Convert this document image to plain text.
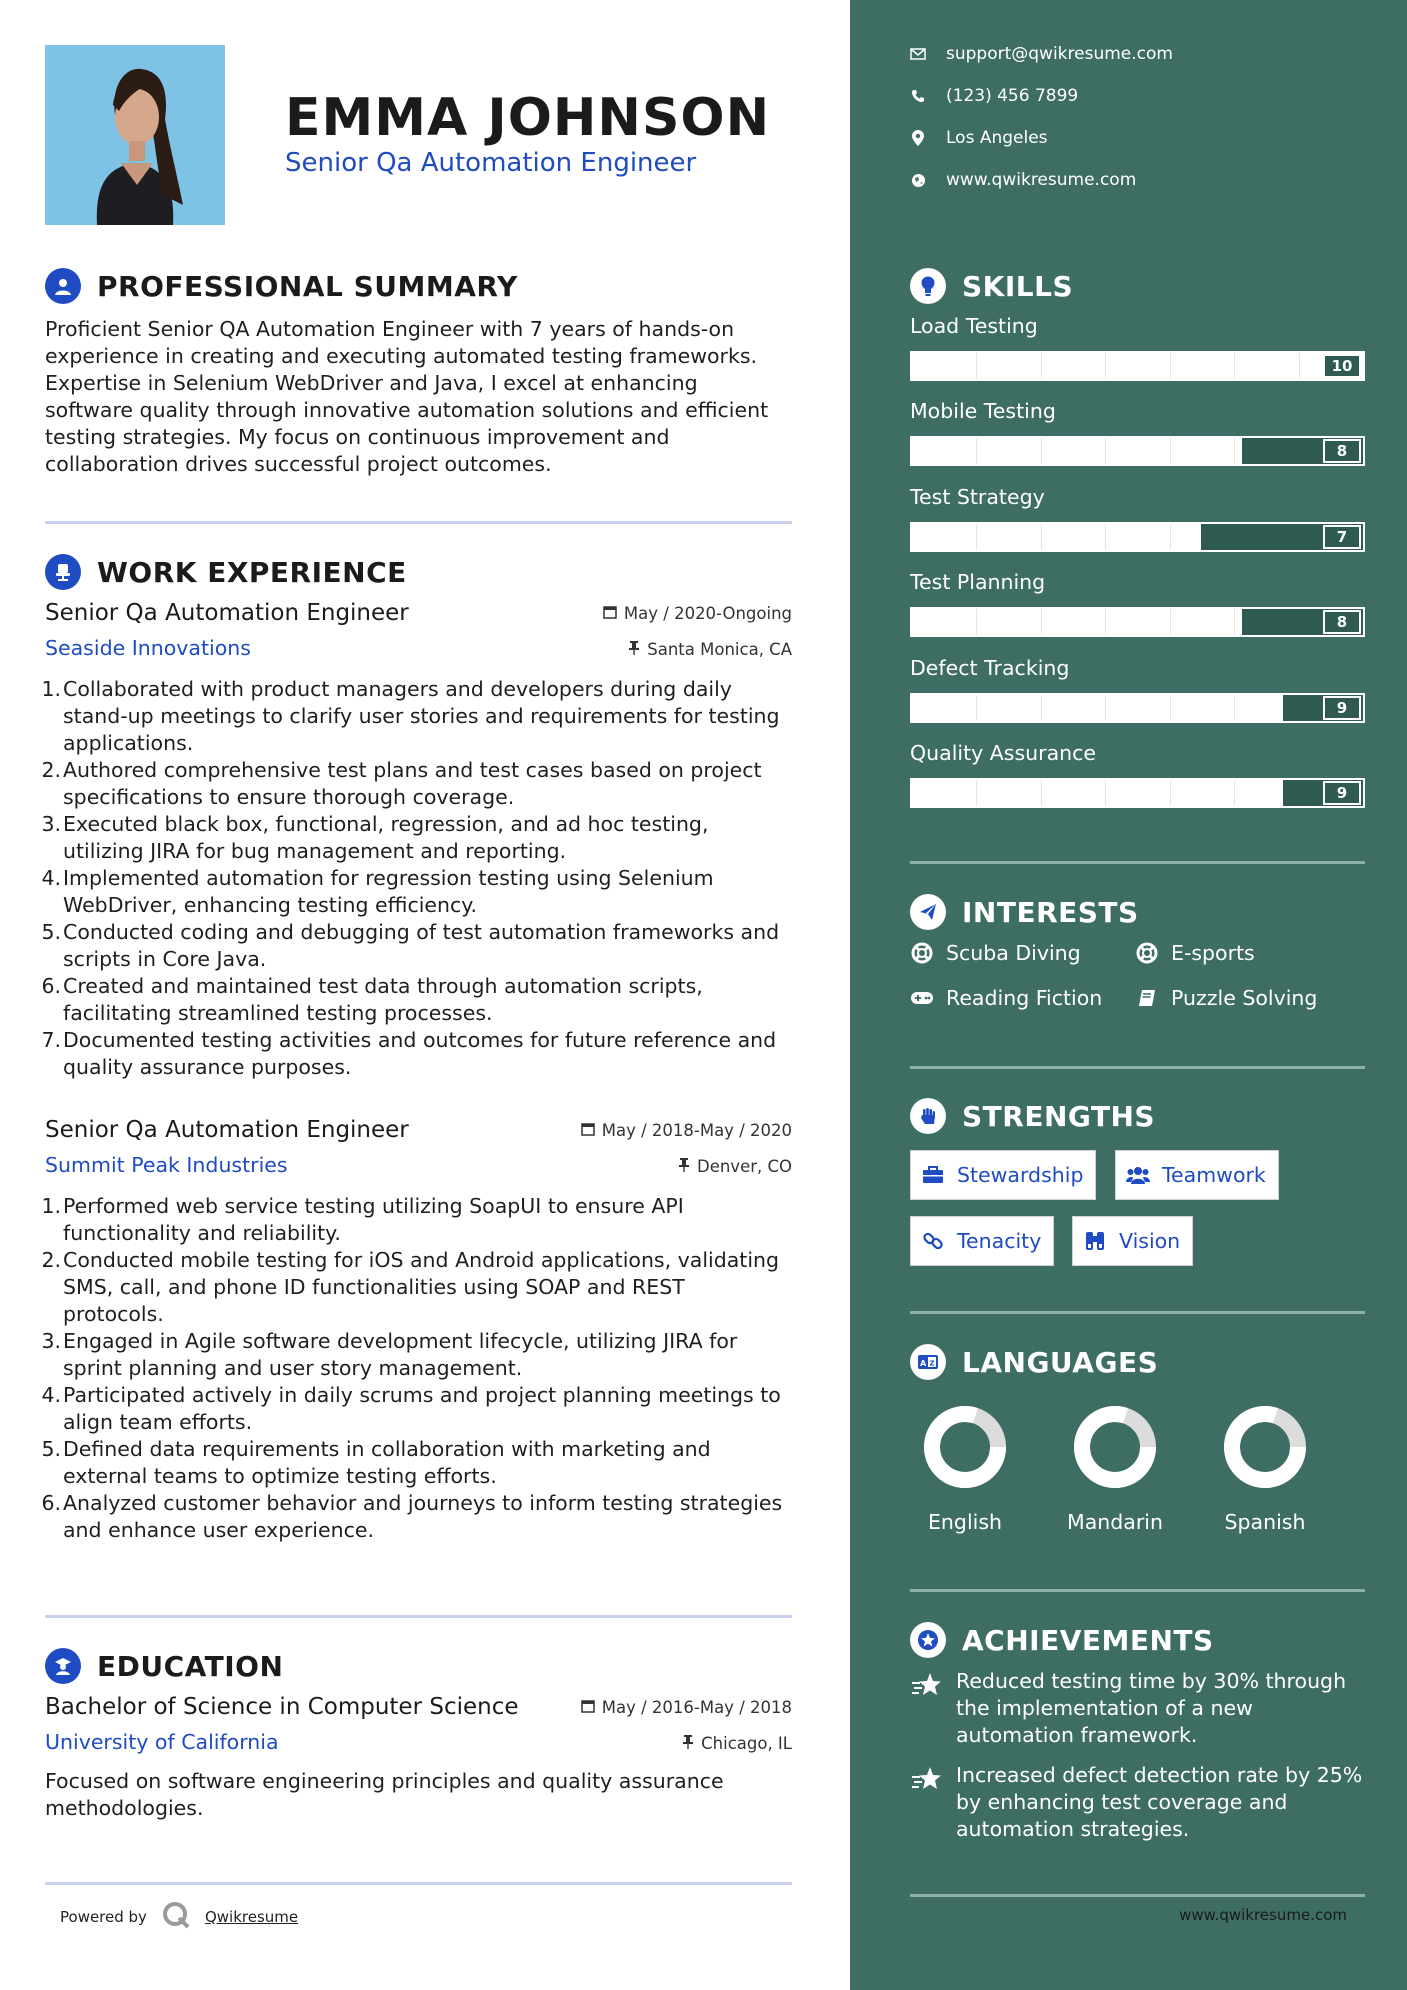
EMMA JOHNSON
Senior Qa Automation Engineer
PROFESSIONAL SUMMARY
Proficient Senior QA Automation Engineer with 7 years of hands-on experience in creating and executing automated testing frameworks. Expertise in Selenium WebDriver and Java, I excel at enhancing software quality through innovative automation solutions and efficient testing strategies. My focus on continuous improvement and collaboration drives successful project outcomes.
WORK EXPERIENCE
Senior Qa Automation Engineer	May / 2020-Ongoing
Seaside Innovations	Santa Monica, CA
1. Collaborated with product managers and developers during daily stand-up meetings to clarify user stories and requirements for testing applications.
2. Authored comprehensive test plans and test cases based on project specifications to ensure thorough coverage.
3. Executed black box, functional, regression, and ad hoc testing, utilizing JIRA for bug management and reporting.
4. Implemented automation for regression testing using Selenium WebDriver, enhancing testing efficiency.
5. Conducted coding and debugging of test automation frameworks and scripts in Core Java.
6. Created and maintained test data through automation scripts, facilitating streamlined testing processes.
7. Documented testing activities and outcomes for future reference and quality assurance purposes.
Senior Qa Automation Engineer	May / 2018-May / 2020
Summit Peak Industries	Denver, CO
1. Performed web service testing utilizing SoapUI to ensure API functionality and reliability.
2. Conducted mobile testing for iOS and Android applications, validating SMS, call, and phone ID functionalities using SOAP and REST protocols.
3. Engaged in Agile software development lifecycle, utilizing JIRA for sprint planning and user story management.
4. Participated actively in daily scrums and project planning meetings to align team efforts.
5. Defined data requirements in collaboration with marketing and external teams to optimize testing efforts.
6. Analyzed customer behavior and journeys to inform testing strategies and enhance user experience.
EDUCATION
Bachelor of Science in Computer Science	May / 2016-May / 2018
University of California	Chicago, IL
Focused on software engineering principles and quality assurance methodologies.
Powered by	Qwikresume
support@qwikresume.com
(123) 456 7899
Los Angeles
www.qwikresume.com
SKILLS
Load Testing
10
Mobile Testing
8
Test Strategy
7
Test Planning
8
Defect Tracking
9
Quality Assurance
9
INTERESTS
Scuba Diving	E-sports
Reading Fiction	Puzzle Solving
STRENGTHS
Stewardship	Teamwork
Tenacity	Vision
A Z LANGUAGES
English	Mandarin	Spanish
ACHIEVEMENTS
Reduced testing time by 30% through the implementation of a new automation framework.
Increased defect detection rate by 25% by enhancing test coverage and automation strategies.
www.qwikresume.com
